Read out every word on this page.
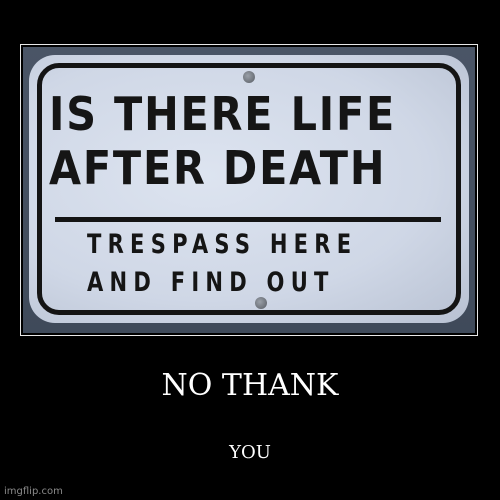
IS THERE LIFE
AFTER DEATH
TRESPASS HERE
AND FIND OUT
NO THANK
YOU
imgflip.com
